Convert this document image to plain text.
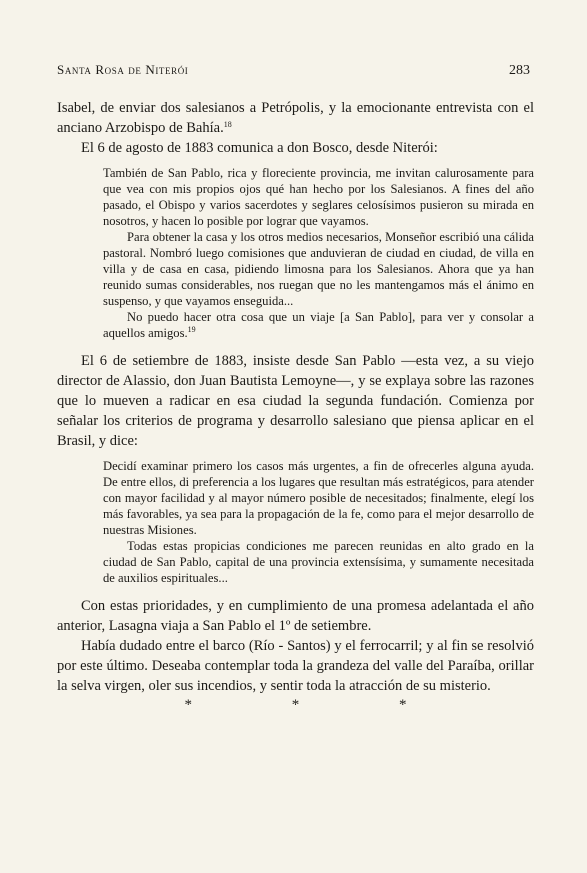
Santa Rosa de Niterói	283

Isabel, de enviar dos salesianos a Petrópolis, y la emocionante entrevista con el anciano Arzobispo de Bahía.$^{18}$

El 6 de agosto de 1883 comunica a don Bosco, desde Niterói:

También de San Pablo, rica y floreciente provincia, me invitan calurosamente para que vea con mis propios ojos qué han hecho por los Salesianos. A fines del año pasado, el Obispo y varios sacerdotes y seglares celosísimos pusieron su mirada en nosotros, y hacen lo posible por lograr que vayamos.

Para obtener la casa y los otros medios necesarios, Monseñor escribió una cálida pastoral. Nombró luego comisiones que anduvieran de ciudad en ciudad, de villa en villa y de casa en casa, pidiendo limosna para los Salesianos. Ahora que ya han reunido sumas considerables, nos ruegan que no les mantengamos más el ánimo en suspenso, y que vayamos enseguida...

No puedo hacer otra cosa que un viaje [a San Pablo], para ver y consolar a aquellos amigos.$^{19}$

El 6 de setiembre de 1883, insiste desde San Pablo —esta vez, a su viejo director de Alassio, don Juan Bautista Lemoyne—, y se explaya sobre las razones que lo mueven a radicar en esa ciudad la segunda fundación. Comienza por señalar los criterios de programa y desarrollo salesiano que piensa aplicar en el Brasil, y dice:

Decidí examinar primero los casos más urgentes, a fin de ofrecerles alguna ayuda. De entre ellos, di preferencia a los lugares que resultan más estratégicos, para atender con mayor facilidad y al mayor número posible de necesitados; finalmente, elegí los más favorables, ya sea para la propagación de la fe, como para el mejor desarrollo de nuestras Misiones.

Todas estas propicias condiciones me parecen reunidas en alto grado en la ciudad de San Pablo, capital de una provincia extensísima, y sumamente necesitada de auxilios espirituales...

Con estas prioridades, y en cumplimiento de una promesa adelantada el año anterior, Lasagna viaja a San Pablo el 1º de setiembre.

Había dudado entre el barco (Río - Santos) y el ferrocarril; y al fin se resolvió por este último. Deseaba contemplar toda la grandeza del valle del Paraíba, orillar la selva virgen, oler sus incendios, y sentir toda la atracción de su misterio.

* * *
